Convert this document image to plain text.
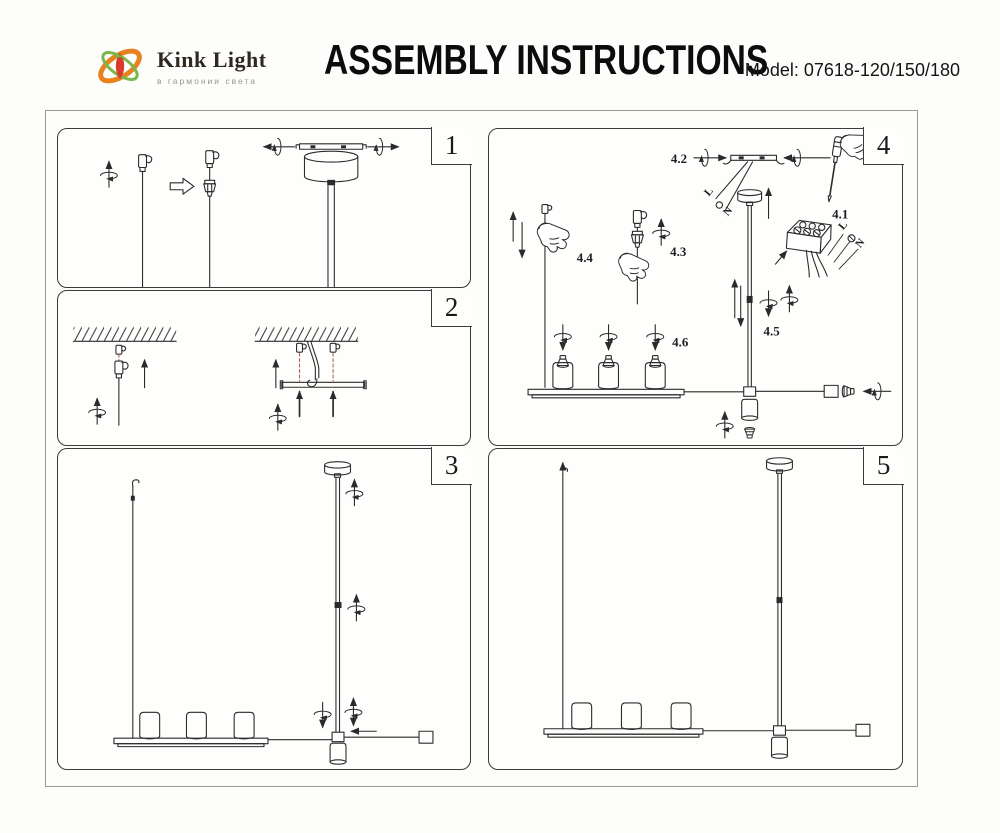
Kink Light
в гармонии света ASSEMBLY INSTRUCTIONS
Model: 07618-120/150/180
1
2
3
4.2
L
N	4.1
L
N
4.4	4.3
4.6
4.5
4
5
